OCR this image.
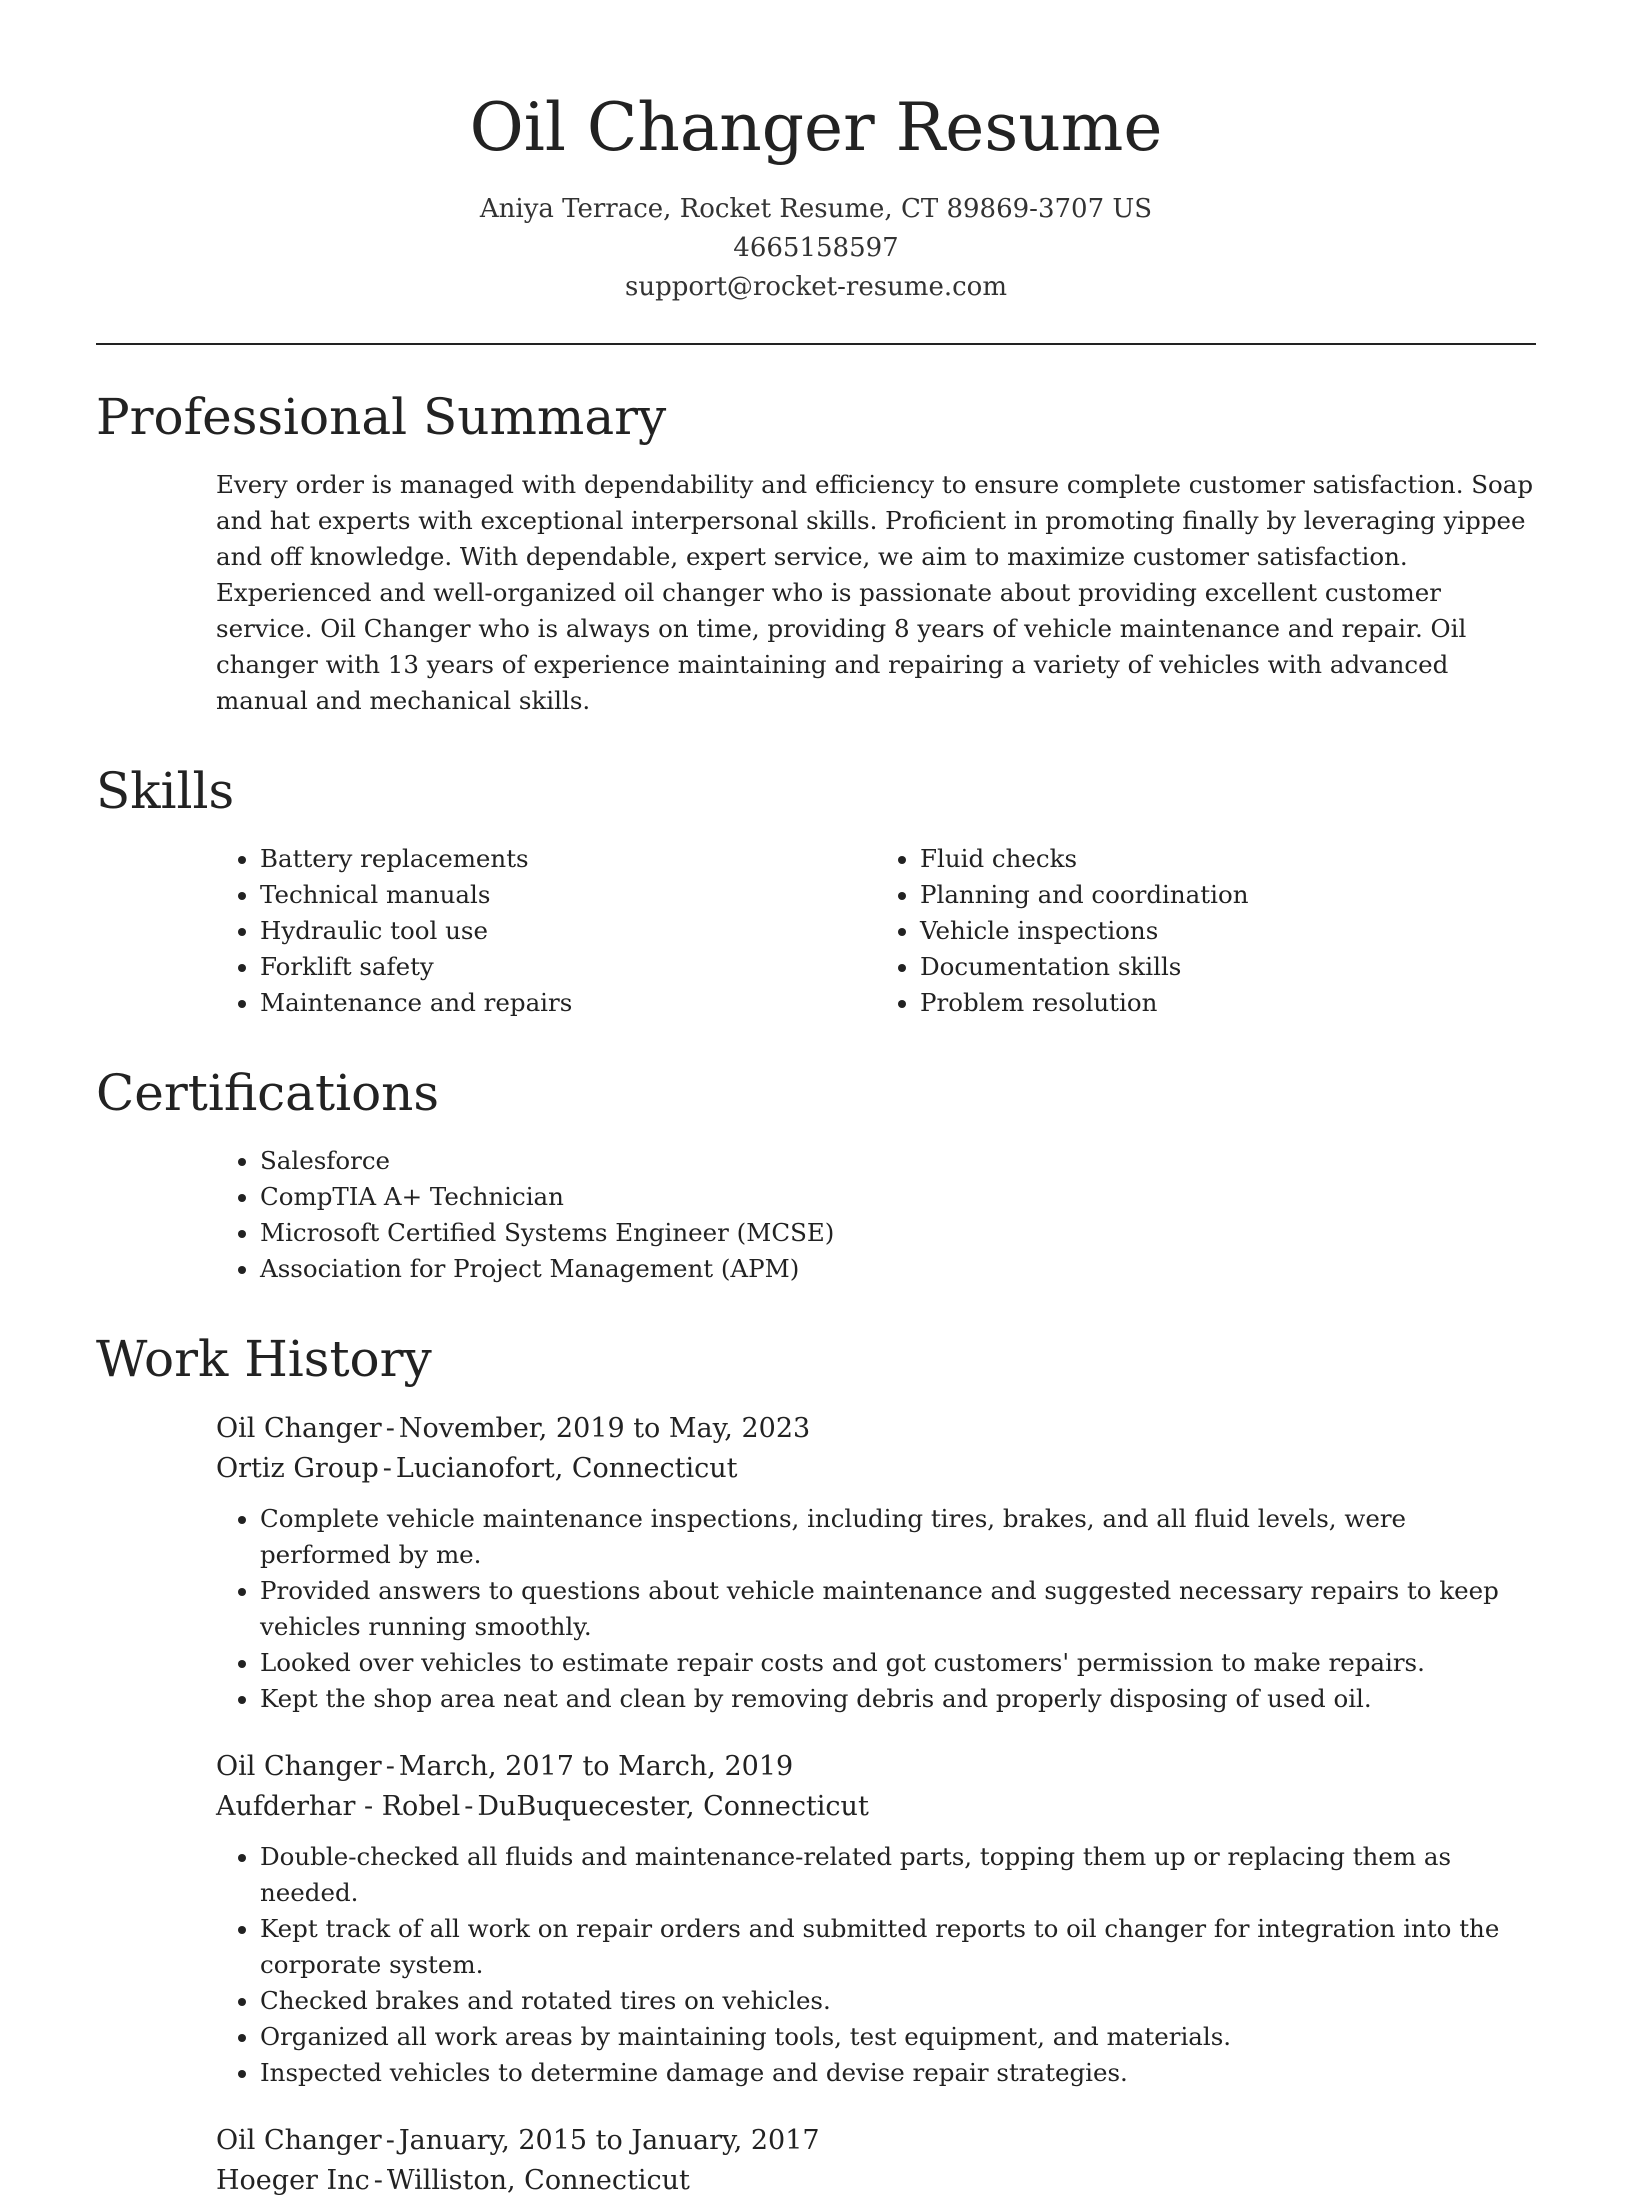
Oil Changer Resume
Aniya Terrace, Rocket Resume, CT 89869-3707 US
4665158597
support@rocket-resume.com
Professional Summary

Every order is managed with dependability and efficiency to ensure complete customer satisfaction. Soap and hat experts with exceptional interpersonal skills. Proficient in promoting finally by leveraging yippee and off knowledge. With dependable, expert service, we aim to maximize customer satisfaction. Experienced and well-organized oil changer who is passionate about providing excellent customer service. Oil Changer who is always on time, providing 8 years of vehicle maintenance and repair. Oil changer with 13 years of experience maintaining and repairing a variety of vehicles with advanced manual and mechanical skills.

Skills
• Battery replacements
• Technical manuals
• Hydraulic tool use
• Forklift safety
• Maintenance and repairs
• Fluid checks
• Planning and coordination
• Vehicle inspections
• Documentation skills
• Problem resolution
Certifications
• Salesforce
• CompTIA A+ Technician
• Microsoft Certified Systems Engineer (MCSE)
• Association for Project Management (APM)
Work History
Oil Changer - November, 2019 to May, 2023
Ortiz Group - Lucianofort, Connecticut
• Complete vehicle maintenance inspections, including tires, brakes, and all fluid levels, were performed by me.
• Provided answers to questions about vehicle maintenance and suggested necessary repairs to keep vehicles running smoothly.
• Looked over vehicles to estimate repair costs and got customers' permission to make repairs.
• Kept the shop area neat and clean by removing debris and properly disposing of used oil.
Oil Changer - March, 2017 to March, 2019
Aufderhar - Robel - DuBuquecester, Connecticut
• Double-checked all fluids and maintenance-related parts, topping them up or replacing them as needed.
• Kept track of all work on repair orders and submitted reports to oil changer for integration into the corporate system.
• Checked brakes and rotated tires on vehicles.
• Organized all work areas by maintaining tools, test equipment, and materials.
• Inspected vehicles to determine damage and devise repair strategies.
Oil Changer - January, 2015 to January, 2017
Hoeger Inc - Williston, Connecticut
